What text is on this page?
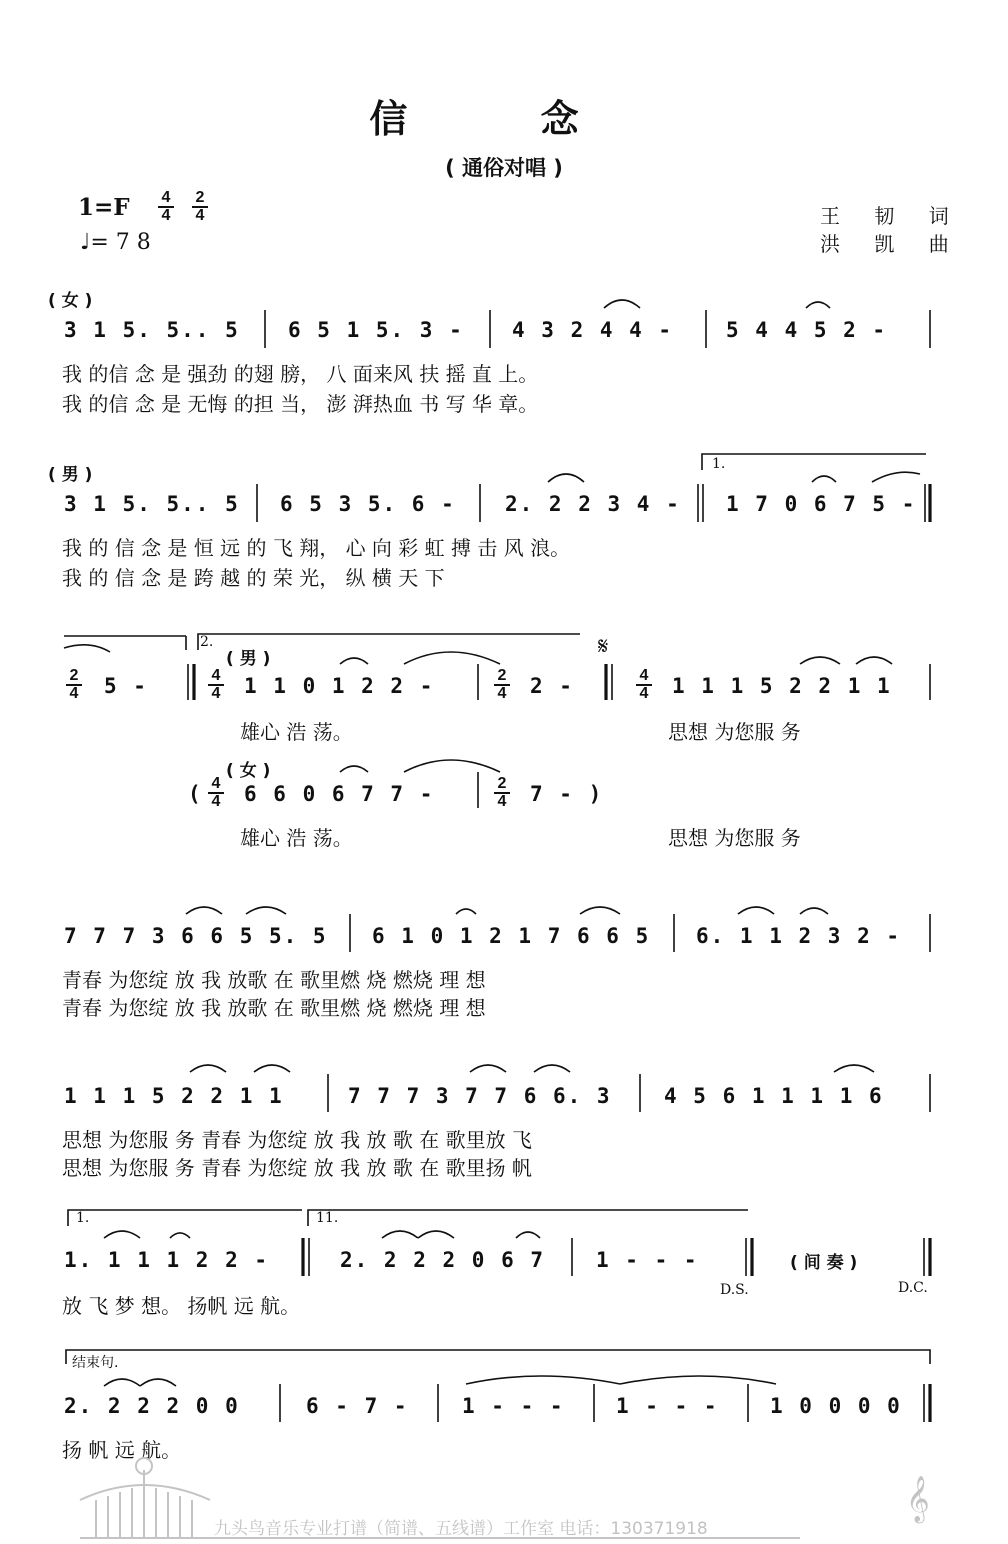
信 念
( 通俗对唱 )
1=F 4
4
2
4
♩= 7 8
王 韧 词
洪 凯 曲
( 女 )
3 1 5. 5.. 5 6 5 1 5. 3 - 4 3 2 4 4 -	5 4 4 5 2 -
我 的信 念 是 强劲 的翅 膀， 八 面来风 扶 摇 直 上。
我 的信 念 是 无悔 的担 当， 澎 湃热血 书 写 华 章。
( 男 )
1.
3 1 5. 5.. 5 6 5 3 5. 6 - 2. 2 2 3 4 - 1 7 0 6 7 5 -
我 的 信 念 是 恒 远 的 飞 翔， 心 向 彩 虹 搏 击 风 浪。
我 的 信 念 是 跨 越 的 荣 光， 纵 横 天 下
2.
( 男 )	𝄋
2
4 5 -	4
4 1 1 0 1 2 2 -	2
4 2 -	4
4 1 1 1 5 2 2 1 1
雄心 浩 荡。	思想 为您服 务
( 女 )
( 4
4 6 6 0 6 7 7 -	2
4 7 - )
雄心 浩 荡。	思想 为您服 务
7 7 7 3 6 6 5 5. 5 6 1 0 1 2 1 7 6 6 5 6. 1 1 2 3 2 -
青春 为您绽 放 我 放歌 在 歌里燃 烧 燃烧 理 想
青春 为您绽 放 我 放歌 在 歌里燃 烧 燃烧 理 想
1 1 1 5 2 2 1 1	7 7 7 3 7 7 6 6. 3 4 5 6 1 1 1 1 6
思想 为您服 务 青春 为您绽 放 我 放 歌 在 歌里放 飞
思想 为您服 务 青春 为您绽 放 我 放 歌 在 歌里扬 帆
1.	11.
1. 1 1 1 2 2 -	2. 2 2 2 0 6 7 1 - - -	( 间 奏 )
D.S.	D.C.
放 飞 梦 想。 扬帆 远 航。
结束句.
2. 2 2 2 0 0	6 - 7 -	1 - - - 1 - - - 1 0 0 0 0
扬 帆 远 航。
九头鸟音乐专业打谱（简谱、五线谱）工作室 电话：130371918
𝄞
